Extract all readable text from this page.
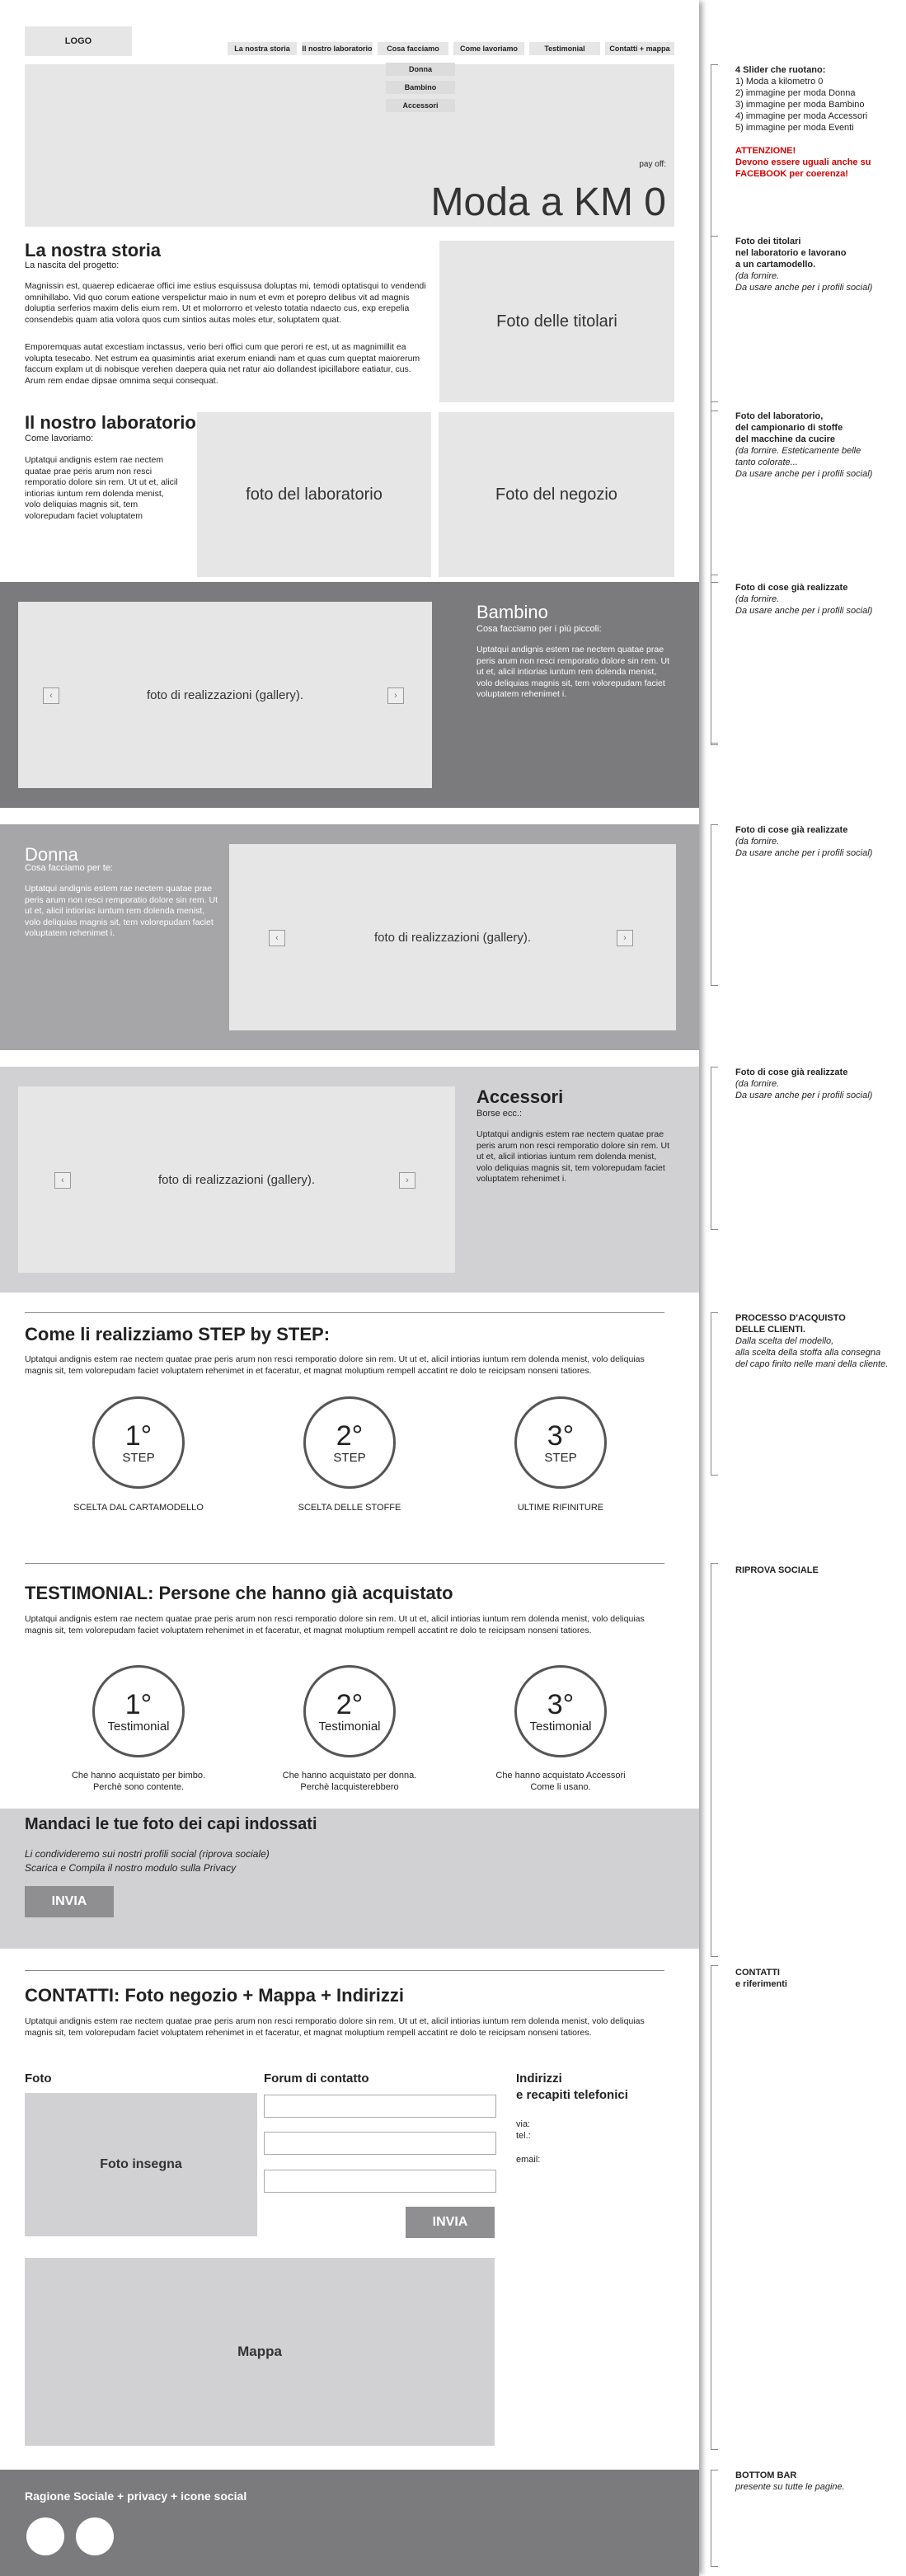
LOGO
La nostra storia	Il nostro laboratorio	Cosa facciamo	Come lavoriamo	Testimonial	Contatti + mappa
pay off:
Moda a KM 0
Donna
Bambino
Accessori
La nostra storia
La nascita del progetto:
Magnissin est, quaerep edicaerae offici ime estius esquissusa doluptas mi, temodi optatisqui to vendendi omnihillabo. Vid quo corum eatione verspelictur maio in num et evm et porepro delibus vit ad magnis doluptia serferios maxim delis eium rem. Ut et molorrorro et velesto totatia ndaecto cus, exp erepelia consendebis quam atia volora quos cum sintios autas moles etur, soluptatem quat.
Emporemquas autat excestiam inctassus, verio beri offici cum que perori re est, ut as magnimillit ea volupta tesecabo. Net estrum ea quasimintis ariat exerum eniandi nam et quas cum queptat maiorerum faccum explam ut di nobisque verehen daepera quia net ratur aio dollandest ipicillabore eatiatur, cus. Arum rem endae dipsae omnima sequi consequat.
Foto delle titolari
Il nostro laboratorio
Come lavoriamo:
Uptatqui andignis estem rae nectem quatae prae peris arum non resci remporatio dolore sin rem. Ut ut et, alicil intiorias iuntum rem dolenda menist, volo deliquias magnis sit, tem volorepudam faciet voluptatem
foto del laboratorio	Foto del negozio
foto di realizzazioni (gallery).
‹	›
Bambino
Cosa facciamo per i più piccoli:
Uptatqui andignis estem rae nectem quatae prae peris arum non resci remporatio dolore sin rem. Ut ut et, alicil intiorias iuntum rem dolenda menist, volo deliquias magnis sit, tem volorepudam faciet voluptatem rehenimet i.
Donna
Cosa facciamo per te:
Uptatqui andignis estem rae nectem quatae prae peris arum non resci remporatio dolore sin rem. Ut ut et, alicil intiorias iuntum rem dolenda menist, volo deliquias magnis sit, tem volorepudam faciet voluptatem rehenimet i.	foto di realizzazioni (gallery).
‹	›
foto di realizzazioni (gallery).
‹	›
Accessori
Borse ecc.:
Uptatqui andignis estem rae nectem quatae prae peris arum non resci remporatio dolore sin rem. Ut ut et, alicil intiorias iuntum rem dolenda menist, volo deliquias magnis sit, tem volorepudam faciet voluptatem rehenimet i.
Come li realizziamo STEP by STEP:
Uptatqui andignis estem rae nectem quatae prae peris arum non resci remporatio dolore sin rem. Ut ut et, alicil intiorias iuntum rem dolenda menist, volo deliquias magnis sit, tem volorepudam faciet voluptatem rehenimet in et faceratur, et magnat moluptium rempell accatint re dolo te reicipsam nonseni tatiores.
1°
STEP
SCELTA DAL CARTAMODELLO
2°
STEP
SCELTA DELLE STOFFE
3°
STEP
ULTIME RIFINITURE
TESTIMONIAL: Persone che hanno già acquistato
Uptatqui andignis estem rae nectem quatae prae peris arum non resci remporatio dolore sin rem. Ut ut et, alicil intiorias iuntum rem dolenda menist, volo deliquias magnis sit, tem volorepudam faciet voluptatem rehenimet in et faceratur, et magnat moluptium rempell accatint re dolo te reicipsam nonseni tatiores.
1°
Testimonial
Che hanno acquistato per bimbo.
Perchè sono contente.
2°
Testimonial
Che hanno acquistato per donna.
Perchè lacquisterebbero
3°
Testimonial
Che hanno acquistato Accessori
Come li usano.
Mandaci le tue foto dei capi indossati
Li condivideremo sui nostri profili social (riprova sociale)
Scarica e Compila il nostro modulo sulla Privacy
INVIA
CONTATTI: Foto negozio + Mappa + Indirizzi
Uptatqui andignis estem rae nectem quatae prae peris arum non resci remporatio dolore sin rem. Ut ut et, alicil intiorias iuntum rem dolenda menist, volo deliquias magnis sit, tem volorepudam faciet voluptatem rehenimet in et faceratur, et magnat moluptium rempell accatint re dolo te reicipsam nonseni tatiores.
Foto
Foto insegna
Forum di contatto
INVIA
Indirizzi
e recapiti telefonici
via:
tel.:
email:
Mappa
Ragione Sociale + privacy + icone social
4 Slider che ruotano:
1) Moda a kilometro 0
2) immagine per moda Donna
3) immagine per moda Bambino
4) immagine per moda Accessori
5) immagine per moda Eventi
ATTENZIONE!
Devono essere uguali anche su
FACEBOOK per coerenza!
Foto dei titolari
nel laboratorio e lavorano
a un cartamodello.
(da fornire.
Da usare anche per i profili social)
Foto del laboratorio,
del campionario di stoffe
del macchine da cucire
(da fornire. Esteticamente belle
tanto colorate...
Da usare anche per i profili social)
Foto di cose già realizzate
(da fornire.
Da usare anche per i profili social)
Foto di cose già realizzate
(da fornire.
Da usare anche per i profili social)
Foto di cose già realizzate
(da fornire.
Da usare anche per i profili social)
PROCESSO D'ACQUISTO
DELLE CLIENTI.
Dalla scelta del modello,
alla scelta della stoffa alla consegna
del capo finito nelle mani della cliente.
RIPROVA SOCIALE
CONTATTI
e riferimenti
BOTTOM BAR
presente su tutte le pagine.
